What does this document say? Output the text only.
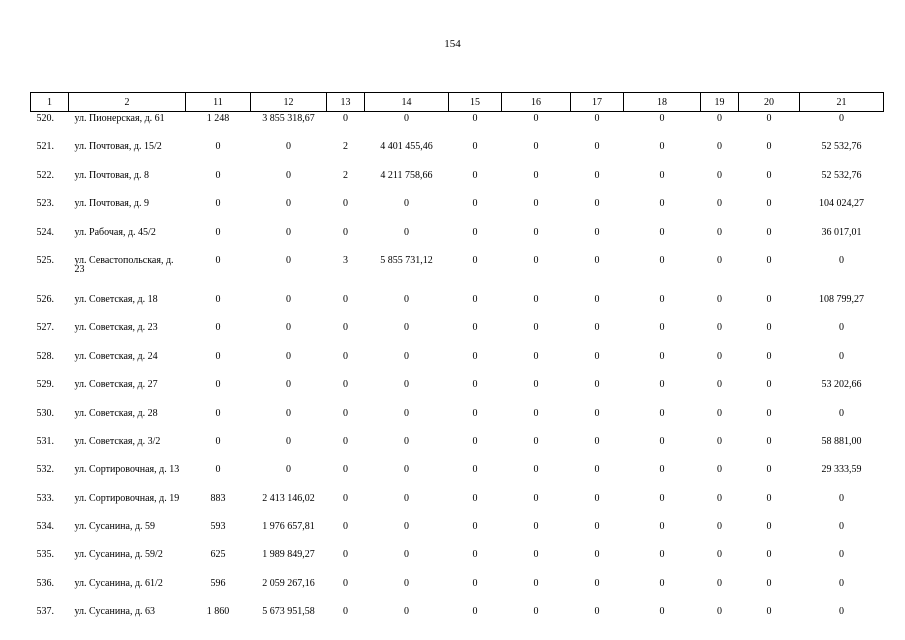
154
1	2	11	12	13	14	15	16	17	18	19	20	21
520.	ул. Пионерская, д. 61	1 248	3 855 318,67	0	0	0	0	0	0	0	0	0
521.	ул. Почтовая, д. 15/2	0	0	2	4 401 455,46	0	0	0	0	0	0	52 532,76
522.	ул. Почтовая, д. 8	0	0	2	4 211 758,66	0	0	0	0	0	0	52 532,76
523.	ул. Почтовая, д. 9	0	0	0	0	0	0	0	0	0	0	104 024,27
524.	ул. Рабочая, д. 45/2	0	0	0	0	0	0	0	0	0	0	36 017,01
525.	ул. Севастопольская, д. 23	0	0	3	5 855 731,12	0	0	0	0	0	0	0
526.	ул. Советская, д. 18	0	0	0	0	0	0	0	0	0	0	108 799,27
527.	ул. Советская, д. 23	0	0	0	0	0	0	0	0	0	0	0
528.	ул. Советская, д. 24	0	0	0	0	0	0	0	0	0	0	0
529.	ул. Советская, д. 27	0	0	0	0	0	0	0	0	0	0	53 202,66
530.	ул. Советская, д. 28	0	0	0	0	0	0	0	0	0	0	0
531.	ул. Советская, д. 3/2	0	0	0	0	0	0	0	0	0	0	58 881,00
532.	ул. Сортировочная, д. 13	0	0	0	0	0	0	0	0	0	0	29 333,59
533.	ул. Сортировочная, д. 19	883	2 413 146,02	0	0	0	0	0	0	0	0	0
534.	ул. Сусанина, д. 59	593	1 976 657,81	0	0	0	0	0	0	0	0	0
535.	ул. Сусанина, д. 59/2	625	1 989 849,27	0	0	0	0	0	0	0	0	0
536.	ул. Сусанина, д. 61/2	596	2 059 267,16	0	0	0	0	0	0	0	0	0
537.	ул. Сусанина, д. 63	1 860	5 673 951,58	0	0	0	0	0	0	0	0	0
